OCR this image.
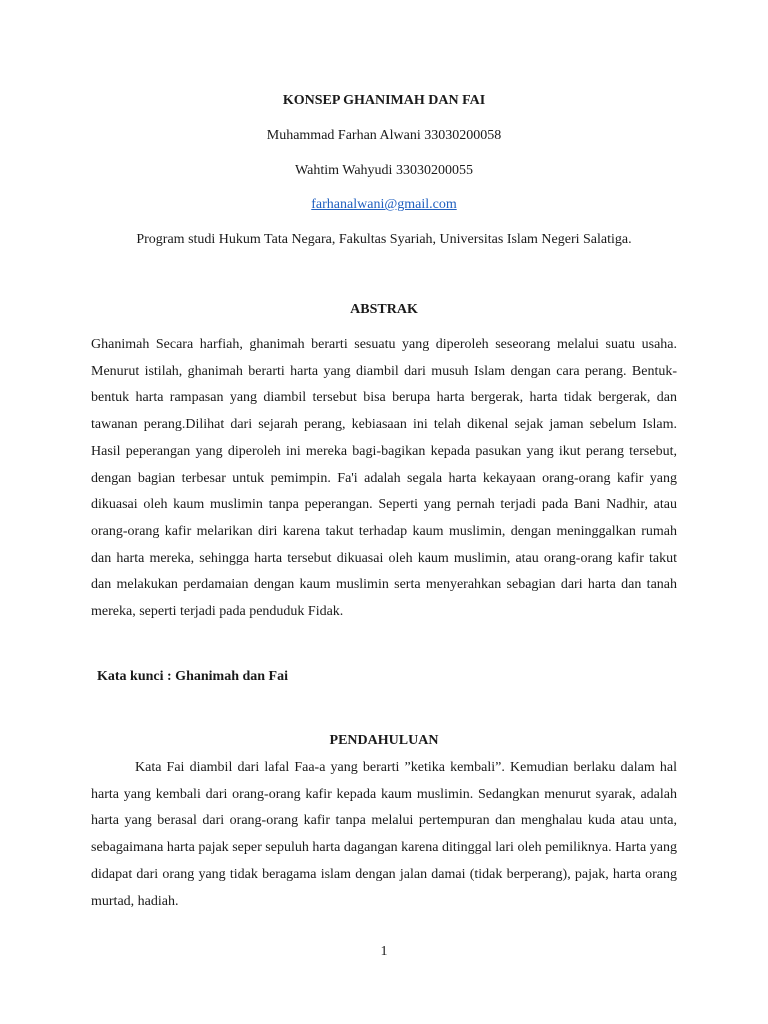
KONSEP GHANIMAH DAN FAI
Muhammad Farhan Alwani 33030200058
Wahtim Wahyudi 33030200055
farhanalwani@gmail.com
Program studi Hukum Tata Negara, Fakultas Syariah, Universitas Islam Negeri Salatiga.
ABSTRAK

Ghanimah Secara harfiah, ghanimah berarti sesuatu yang diperoleh seseorang melalui suatu usaha. Menurut istilah, ghanimah berarti harta yang diambil dari musuh Islam dengan cara perang. Bentuk-bentuk harta rampasan yang diambil tersebut bisa berupa harta bergerak, harta tidak bergerak, dan tawanan perang.Dilihat dari sejarah perang, kebiasaan ini telah dikenal sejak jaman sebelum Islam. Hasil peperangan yang diperoleh ini mereka bagi-bagikan kepada pasukan yang ikut perang tersebut, dengan bagian terbesar untuk pemimpin. Fa'i adalah segala harta kekayaan orang-orang kafir yang dikuasai oleh kaum muslimin tanpa peperangan. Seperti yang pernah terjadi pada Bani Nadhir, atau orang-orang kafir melarikan diri karena takut terhadap kaum muslimin, dengan meninggalkan rumah dan harta mereka, sehingga harta tersebut dikuasai oleh kaum muslimin, atau orang-orang kafir takut dan melakukan perdamaian dengan kaum muslimin serta menyerahkan sebagian dari harta dan tanah mereka, seperti terjadi pada penduduk Fidak.

Kata kunci : Ghanimah dan Fai
PENDAHULUAN

Kata Fai diambil dari lafal Faa-a yang berarti ”ketika kembali”. Kemudian berlaku dalam hal harta yang kembali dari orang-orang kafir kepada kaum muslimin. Sedangkan menurut syarak, adalah harta yang berasal dari orang-orang kafir tanpa melalui pertempuran dan menghalau kuda atau unta, sebagaimana harta pajak seper sepuluh harta dagangan karena ditinggal lari oleh pemiliknya. Harta yang didapat dari orang yang tidak beragama islam dengan jalan damai (tidak berperang), pajak, harta orang murtad, hadiah.

1
